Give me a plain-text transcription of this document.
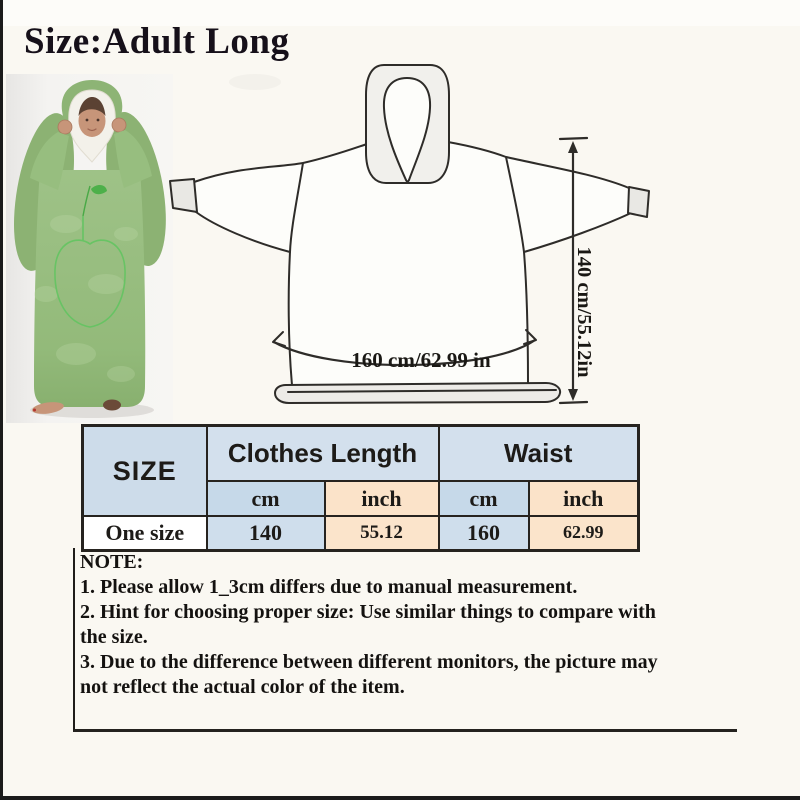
Size:Adult Long
160 cm/62.99 in	140 cm/55.12in
SIZE	Clothes Length		Waist	
	cm	inch	cm	inch
One size	140	55.12	160	62.99
NOTE:
1. Please allow 1_3cm differs due to manual measurement.
2. Hint for choosing proper size: Use similar things to compare with
the size.
3. Due to the difference between different monitors, the picture may
not reflect the actual color of the item.
